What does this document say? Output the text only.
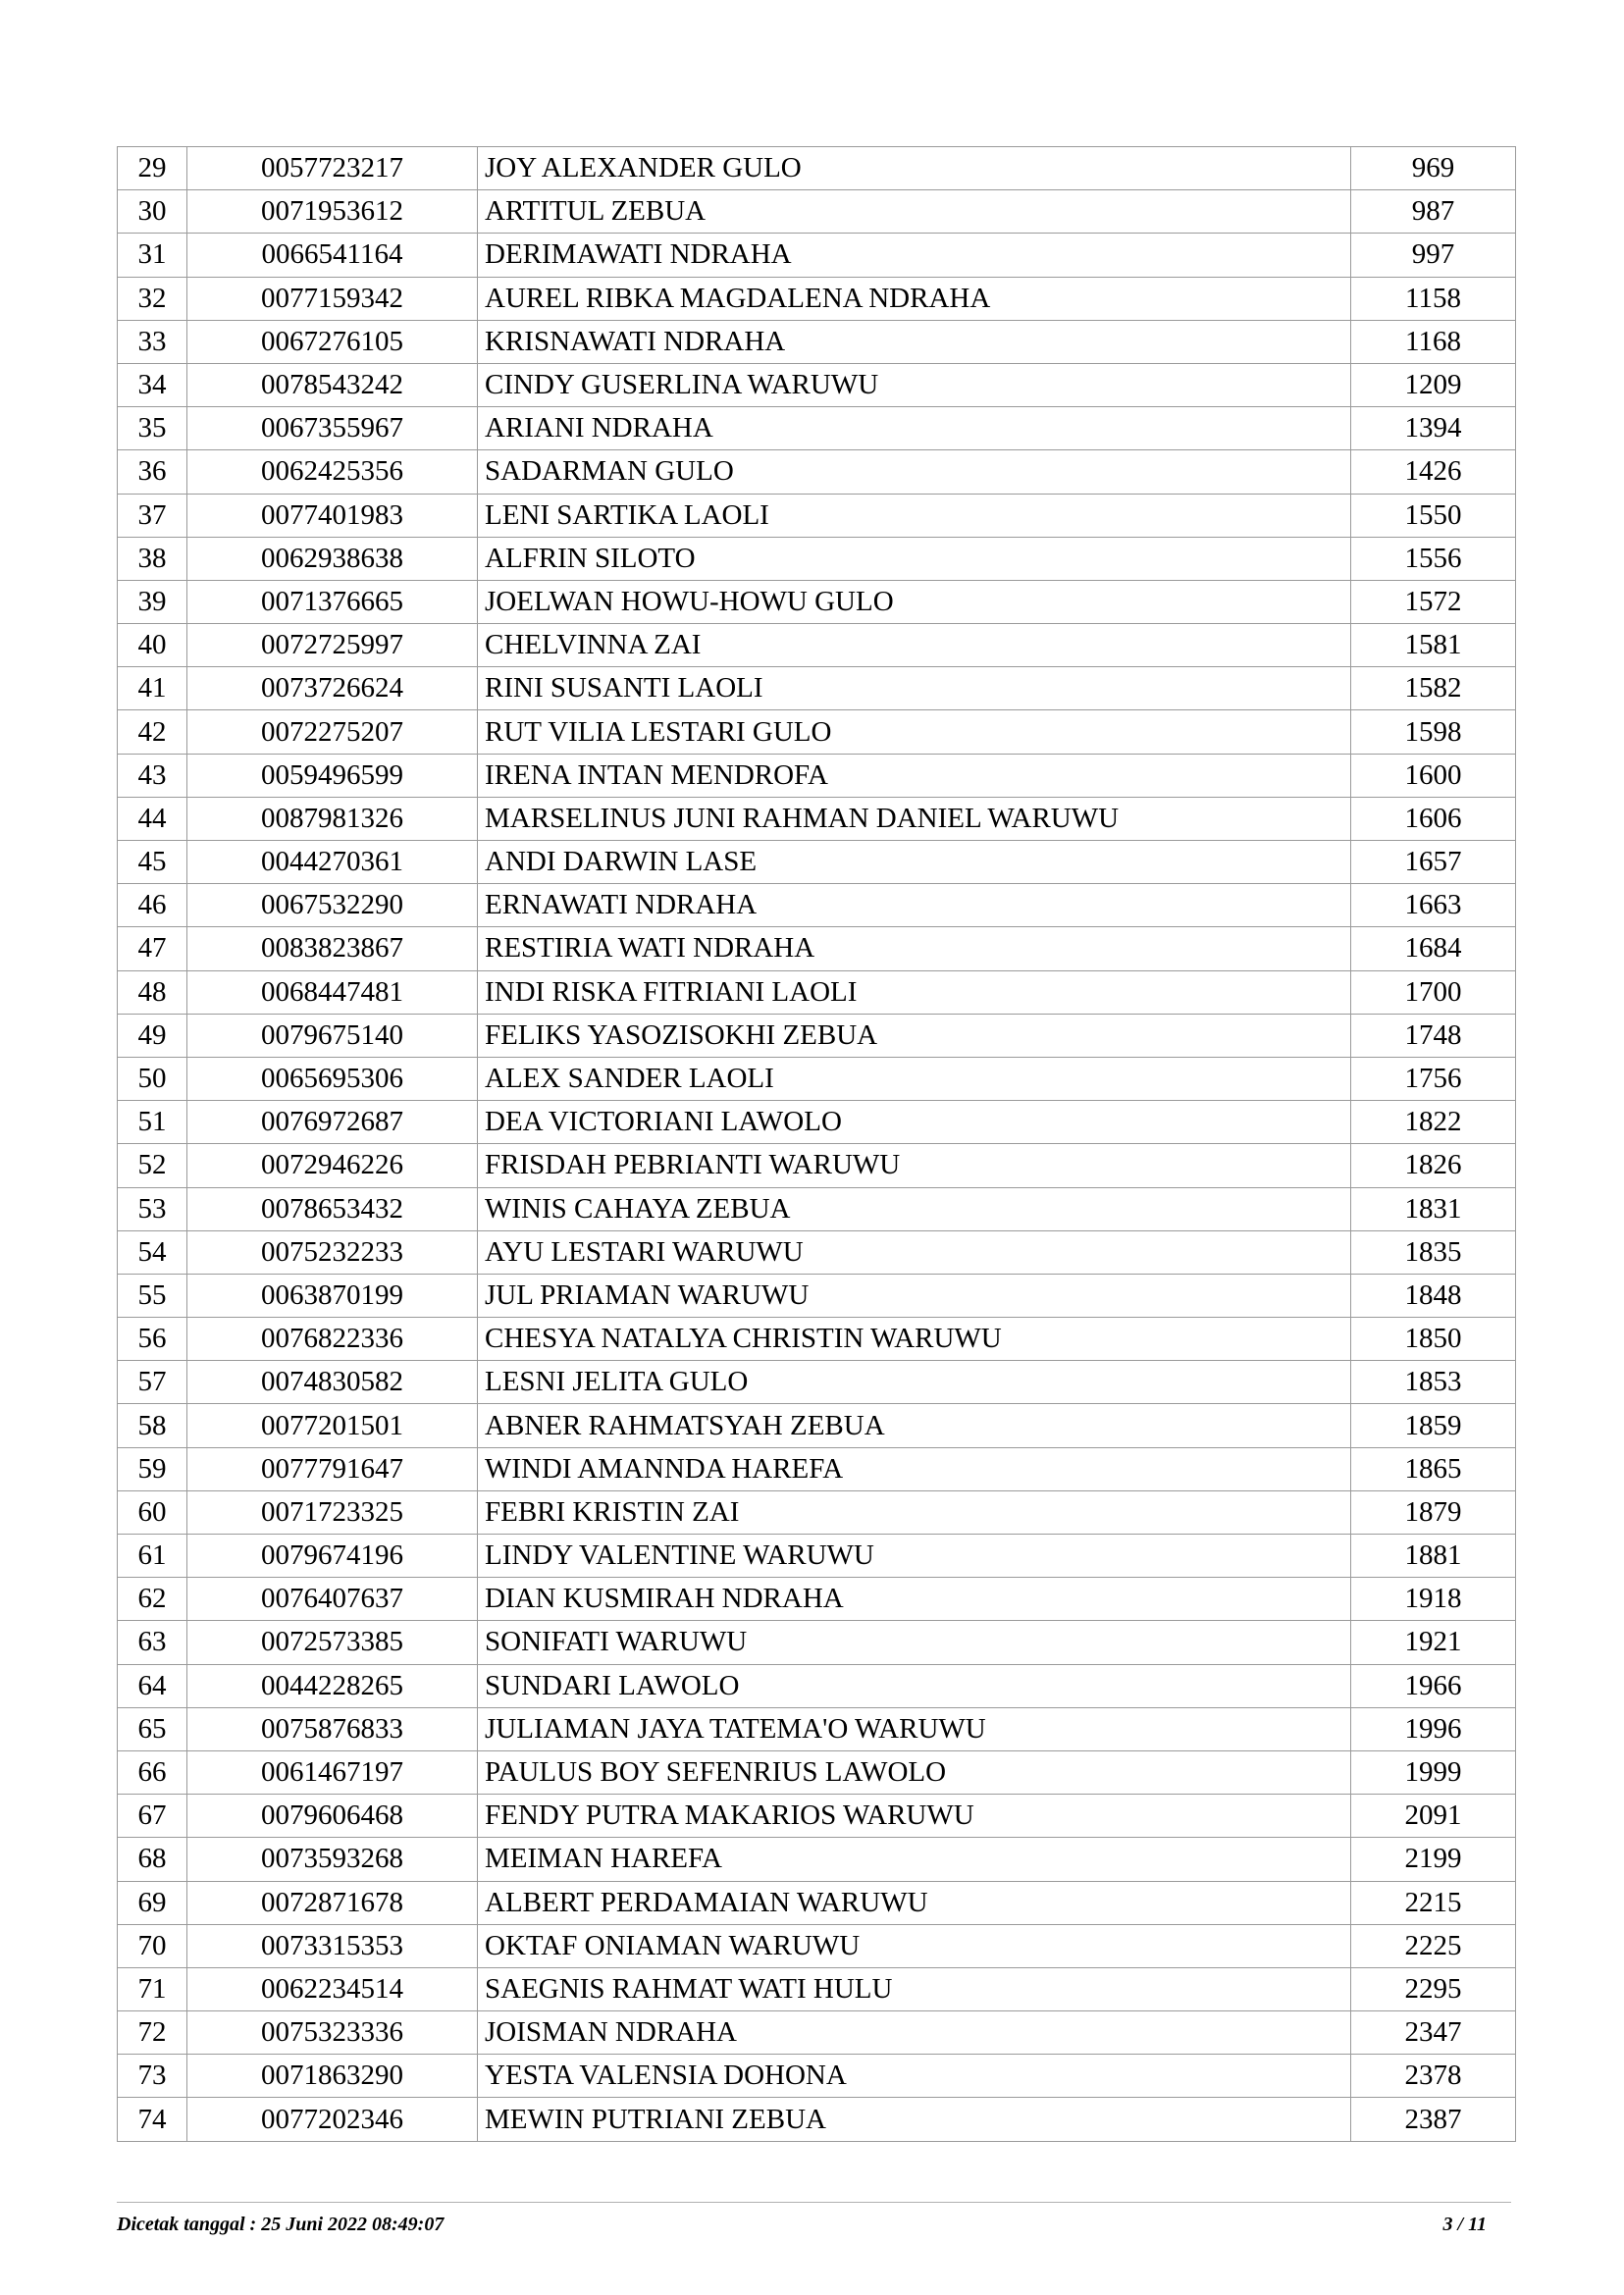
29	0057723217	JOY ALEXANDER GULO	969
30	0071953612	ARTITUL ZEBUA	987
31	0066541164	DERIMAWATI NDRAHA	997
32	0077159342	AUREL RIBKA MAGDALENA NDRAHA	1158
33	0067276105	KRISNAWATI NDRAHA	1168
34	0078543242	CINDY GUSERLINA WARUWU	1209
35	0067355967	ARIANI NDRAHA	1394
36	0062425356	SADARMAN GULO	1426
37	0077401983	LENI SARTIKA LAOLI	1550
38	0062938638	ALFRIN SILOTO	1556
39	0071376665	JOELWAN HOWU-HOWU GULO	1572
40	0072725997	CHELVINNA ZAI	1581
41	0073726624	RINI SUSANTI LAOLI	1582
42	0072275207	RUT VILIA LESTARI GULO	1598
43	0059496599	IRENA INTAN MENDROFA	1600
44	0087981326	MARSELINUS JUNI RAHMAN DANIEL WARUWU	1606
45	0044270361	ANDI DARWIN LASE	1657
46	0067532290	ERNAWATI NDRAHA	1663
47	0083823867	RESTIRIA WATI NDRAHA	1684
48	0068447481	INDI RISKA FITRIANI LAOLI	1700
49	0079675140	FELIKS YASOZISOKHI ZEBUA	1748
50	0065695306	ALEX SANDER LAOLI	1756
51	0076972687	DEA VICTORIANI LAWOLO	1822
52	0072946226	FRISDAH PEBRIANTI WARUWU	1826
53	0078653432	WINIS CAHAYA ZEBUA	1831
54	0075232233	AYU LESTARI WARUWU	1835
55	0063870199	JUL PRIAMAN WARUWU	1848
56	0076822336	CHESYA NATALYA CHRISTIN WARUWU	1850
57	0074830582	LESNI JELITA GULO	1853
58	0077201501	ABNER RAHMATSYAH ZEBUA	1859
59	0077791647	WINDI AMANNDA HAREFA	1865
60	0071723325	FEBRI KRISTIN ZAI	1879
61	0079674196	LINDY VALENTINE WARUWU	1881
62	0076407637	DIAN KUSMIRAH NDRAHA	1918
63	0072573385	SONIFATI WARUWU	1921
64	0044228265	SUNDARI LAWOLO	1966
65	0075876833	JULIAMAN JAYA TATEMA'O WARUWU	1996
66	0061467197	PAULUS BOY SEFENRIUS LAWOLO	1999
67	0079606468	FENDY PUTRA MAKARIOS WARUWU	2091
68	0073593268	MEIMAN HAREFA	2199
69	0072871678	ALBERT PERDAMAIAN WARUWU	2215
70	0073315353	OKTAF ONIAMAN WARUWU	2225
71	0062234514	SAEGNIS RAHMAT WATI HULU	2295
72	0075323336	JOISMAN NDRAHA	2347
73	0071863290	YESTA VALENSIA DOHONA	2378
74	0077202346	MEWIN PUTRIANI ZEBUA	2387
Dicetak tanggal : 25 Juni 2022 08:49:07	3 / 11
